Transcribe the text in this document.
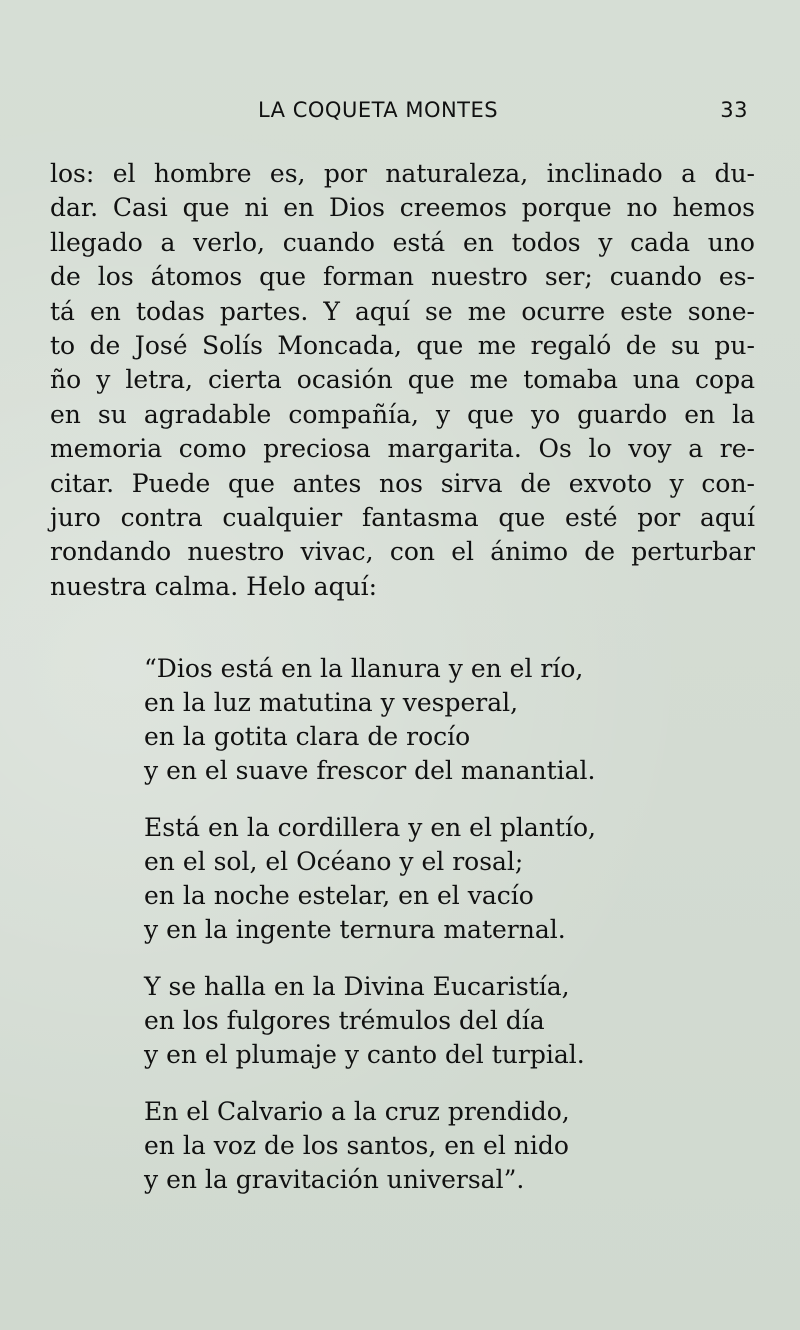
LA COQUETA MONTES	33
los: el hombre es, por naturaleza, inclinado a du-
dar. Casi que ni en Dios creemos porque no hemos
llegado a verlo, cuando está en todos y cada uno
de los átomos que forman nuestro ser; cuando es-
tá en todas partes. Y aquí se me ocurre este sone-
to de José Solís Moncada, que me regaló de su pu-
ño y letra, cierta ocasión que me tomaba una copa
en su agradable compañía, y que yo guardo en la
memoria como preciosa margarita. Os lo voy a re-
citar. Puede que antes nos sirva de exvoto y con-
juro contra cualquier fantasma que esté por aquí
rondando nuestro vivac, con el ánimo de perturbar
nuestra calma. Helo aquí:
“Dios está en la llanura y en el río,
en la luz matutina y vesperal,
en la gotita clara de rocío
y en el suave frescor del manantial.
Está en la cordillera y en el plantío,
en el sol, el Océano y el rosal;
en la noche estelar, en el vacío
y en la ingente ternura maternal.
Y se halla en la Divina Eucaristía,
en los fulgores trémulos del día
y en el plumaje y canto del turpial.
En el Calvario a la cruz prendido,
en la voz de los santos, en el nido
y en la gravitación universal”.
